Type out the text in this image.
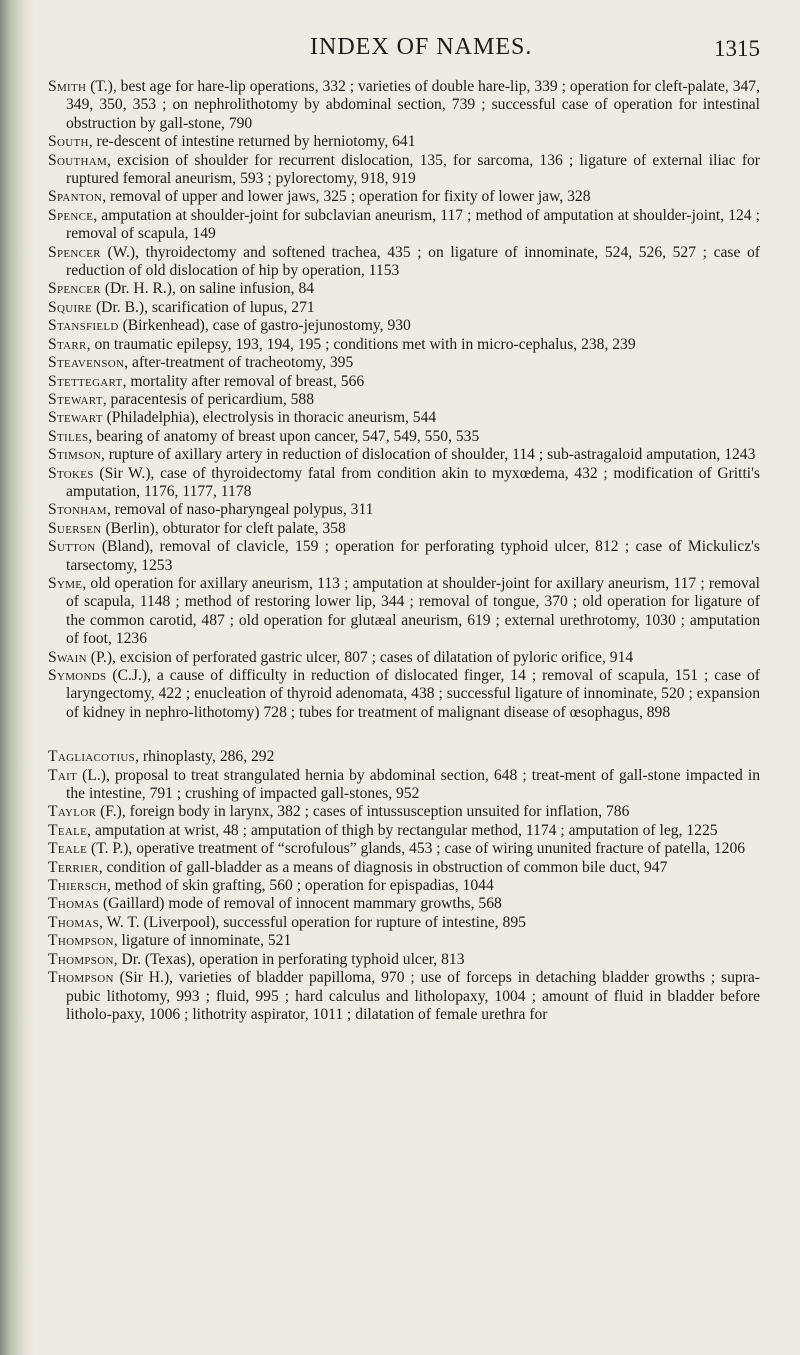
INDEX OF NAMES.	1315
Smith (T.), best age for hare-lip operations, 332 ; varieties of double hare-lip, 339 ; operation for cleft-palate, 347, 349, 350, 353 ; on nephrolithotomy by abdominal section, 739 ; successful case of operation for intestinal obstruction by gall-stone, 790
South, re-descent of intestine returned by herniotomy, 641
Southam, excision of shoulder for recurrent dislocation, 135, for sarcoma, 136 ; ligature of external iliac for ruptured femoral aneurism, 593 ; pylorectomy, 918, 919
Spanton, removal of upper and lower jaws, 325 ; operation for fixity of lower jaw, 328
Spence, amputation at shoulder-joint for subclavian aneurism, 117 ; method of amputation at shoulder-joint, 124 ; removal of scapula, 149
Spencer (W.), thyroidectomy and softened trachea, 435 ; on ligature of innominate, 524, 526, 527 ; case of reduction of old dislocation of hip by operation, 1153
Spencer (Dr. H. R.), on saline infusion, 84
Squire (Dr. B.), scarification of lupus, 271
Stansfield (Birkenhead), case of gastro-jejunostomy, 930
Starr, on traumatic epilepsy, 193, 194, 195 ; conditions met with in micro-cephalus, 238, 239
Steavenson, after-treatment of tracheotomy, 395
Stettegart, mortality after removal of breast, 566
Stewart, paracentesis of pericardium, 588
Stewart (Philadelphia), electrolysis in thoracic aneurism, 544
Stiles, bearing of anatomy of breast upon cancer, 547, 549, 550, 535
Stimson, rupture of axillary artery in reduction of dislocation of shoulder, 114 ; sub-astragaloid amputation, 1243
Stokes (Sir W.), case of thyroidectomy fatal from condition akin to myxœdema, 432 ; modification of Gritti's amputation, 1176, 1177, 1178
Stonham, removal of naso-pharyngeal polypus, 311
Suersen (Berlin), obturator for cleft palate, 358
Sutton (Bland), removal of clavicle, 159 ; operation for perforating typhoid ulcer, 812 ; case of Mickulicz's tarsectomy, 1253
Syme, old operation for axillary aneurism, 113 ; amputation at shoulder-joint for axillary aneurism, 117 ; removal of scapula, 1148 ; method of restoring lower lip, 344 ; removal of tongue, 370 ; old operation for ligature of the common carotid, 487 ; old operation for glutæal aneurism, 619 ; external urethrotomy, 1030 ; amputation of foot, 1236
Swain (P.), excision of perforated gastric ulcer, 807 ; cases of dilatation of pyloric orifice, 914
Symonds (C.J.), a cause of difficulty in reduction of dislocated finger, 14 ; removal of scapula, 151 ; case of laryngectomy, 422 ; enucleation of thyroid adenomata, 438 ; successful ligature of innominate, 520 ; expansion of kidney in nephro-lithotomy) 728 ; tubes for treatment of malignant disease of œsophagus, 898
Tagliacotius, rhinoplasty, 286, 292
Tait (L.), proposal to treat strangulated hernia by abdominal section, 648 ; treat-ment of gall-stone impacted in the intestine, 791 ; crushing of impacted gall-stones, 952
Taylor (F.), foreign body in larynx, 382 ; cases of intussusception unsuited for inflation, 786
Teale, amputation at wrist, 48 ; amputation of thigh by rectangular method, 1174 ; amputation of leg, 1225
Teale (T. P.), operative treatment of “scrofulous” glands, 453 ; case of wiring ununited fracture of patella, 1206
Terrier, condition of gall-bladder as a means of diagnosis in obstruction of common bile duct, 947
Thiersch, method of skin grafting, 560 ; operation for epispadias, 1044
Thomas (Gaillard) mode of removal of innocent mammary growths, 568
Thomas, W. T. (Liverpool), successful operation for rupture of intestine, 895
Thompson, ligature of innominate, 521
Thompson, Dr. (Texas), operation in perforating typhoid ulcer, 813
Thompson (Sir H.), varieties of bladder papilloma, 970 ; use of forceps in detaching bladder growths ; supra-pubic lithotomy, 993 ; fluid, 995 ; hard calculus and litholopaxy, 1004 ; amount of fluid in bladder before litholo-paxy, 1006 ; lithotrity aspirator, 1011 ; dilatation of female urethra for
